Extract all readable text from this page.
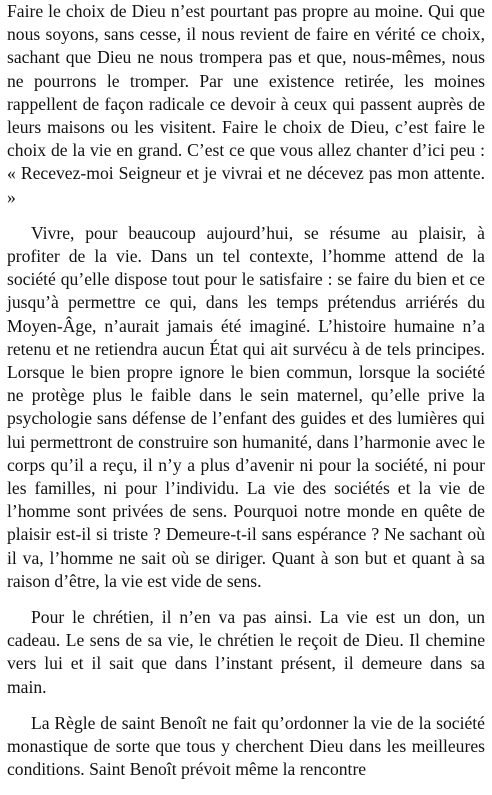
Faire le choix de Dieu n’est pourtant pas propre au moine. Qui que nous soyons, sans cesse, il nous revient de faire en vérité ce choix, sachant que Dieu ne nous trompera pas et que, nous-mêmes, nous ne pourrons le tromper. Par une existence retirée, les moines rappellent de façon radicale ce devoir à ceux qui passent auprès de leurs maisons ou les visitent. Faire le choix de Dieu, c’est faire le choix de la vie en grand. C’est ce que vous allez chanter d’ici peu : « Recevez-moi Seigneur et je vivrai et ne décevez pas mon attente. »

Vivre, pour beaucoup aujourd’hui, se résume au plaisir, à profiter de la vie. Dans un tel contexte, l’homme attend de la société qu’elle dispose tout pour le satisfaire : se faire du bien et ce jusqu’à permettre ce qui, dans les temps prétendus arriérés du Moyen-Âge, n’aurait jamais été imaginé. L’histoire humaine n’a retenu et ne retiendra aucun État qui ait survécu à de tels principes. Lorsque le bien propre ignore le bien commun, lorsque la société ne protège plus le faible dans le sein maternel, qu’elle prive la psychologie sans défense de l’enfant des guides et des lumières qui lui permettront de construire son humanité, dans l’harmonie avec le corps qu’il a reçu, il n’y a plus d’avenir ni pour la société, ni pour les familles, ni pour l’individu. La vie des sociétés et la vie de l’homme sont privées de sens. Pourquoi notre monde en quête de plaisir est-il si triste ? Demeure-t-il sans espérance ? Ne sachant où il va, l’homme ne sait où se diriger. Quant à son but et quant à sa raison d’être, la vie est vide de sens.

Pour le chrétien, il n’en va pas ainsi. La vie est un don, un cadeau. Le sens de sa vie, le chrétien le reçoit de Dieu. Il chemine vers lui et il sait que dans l’instant présent, il demeure dans sa main.

La Règle de saint Benoît ne fait qu’ordonner la vie de la société monastique de sorte que tous y cherchent Dieu dans les meilleures conditions. Saint Benoît prévoit même la rencontre
